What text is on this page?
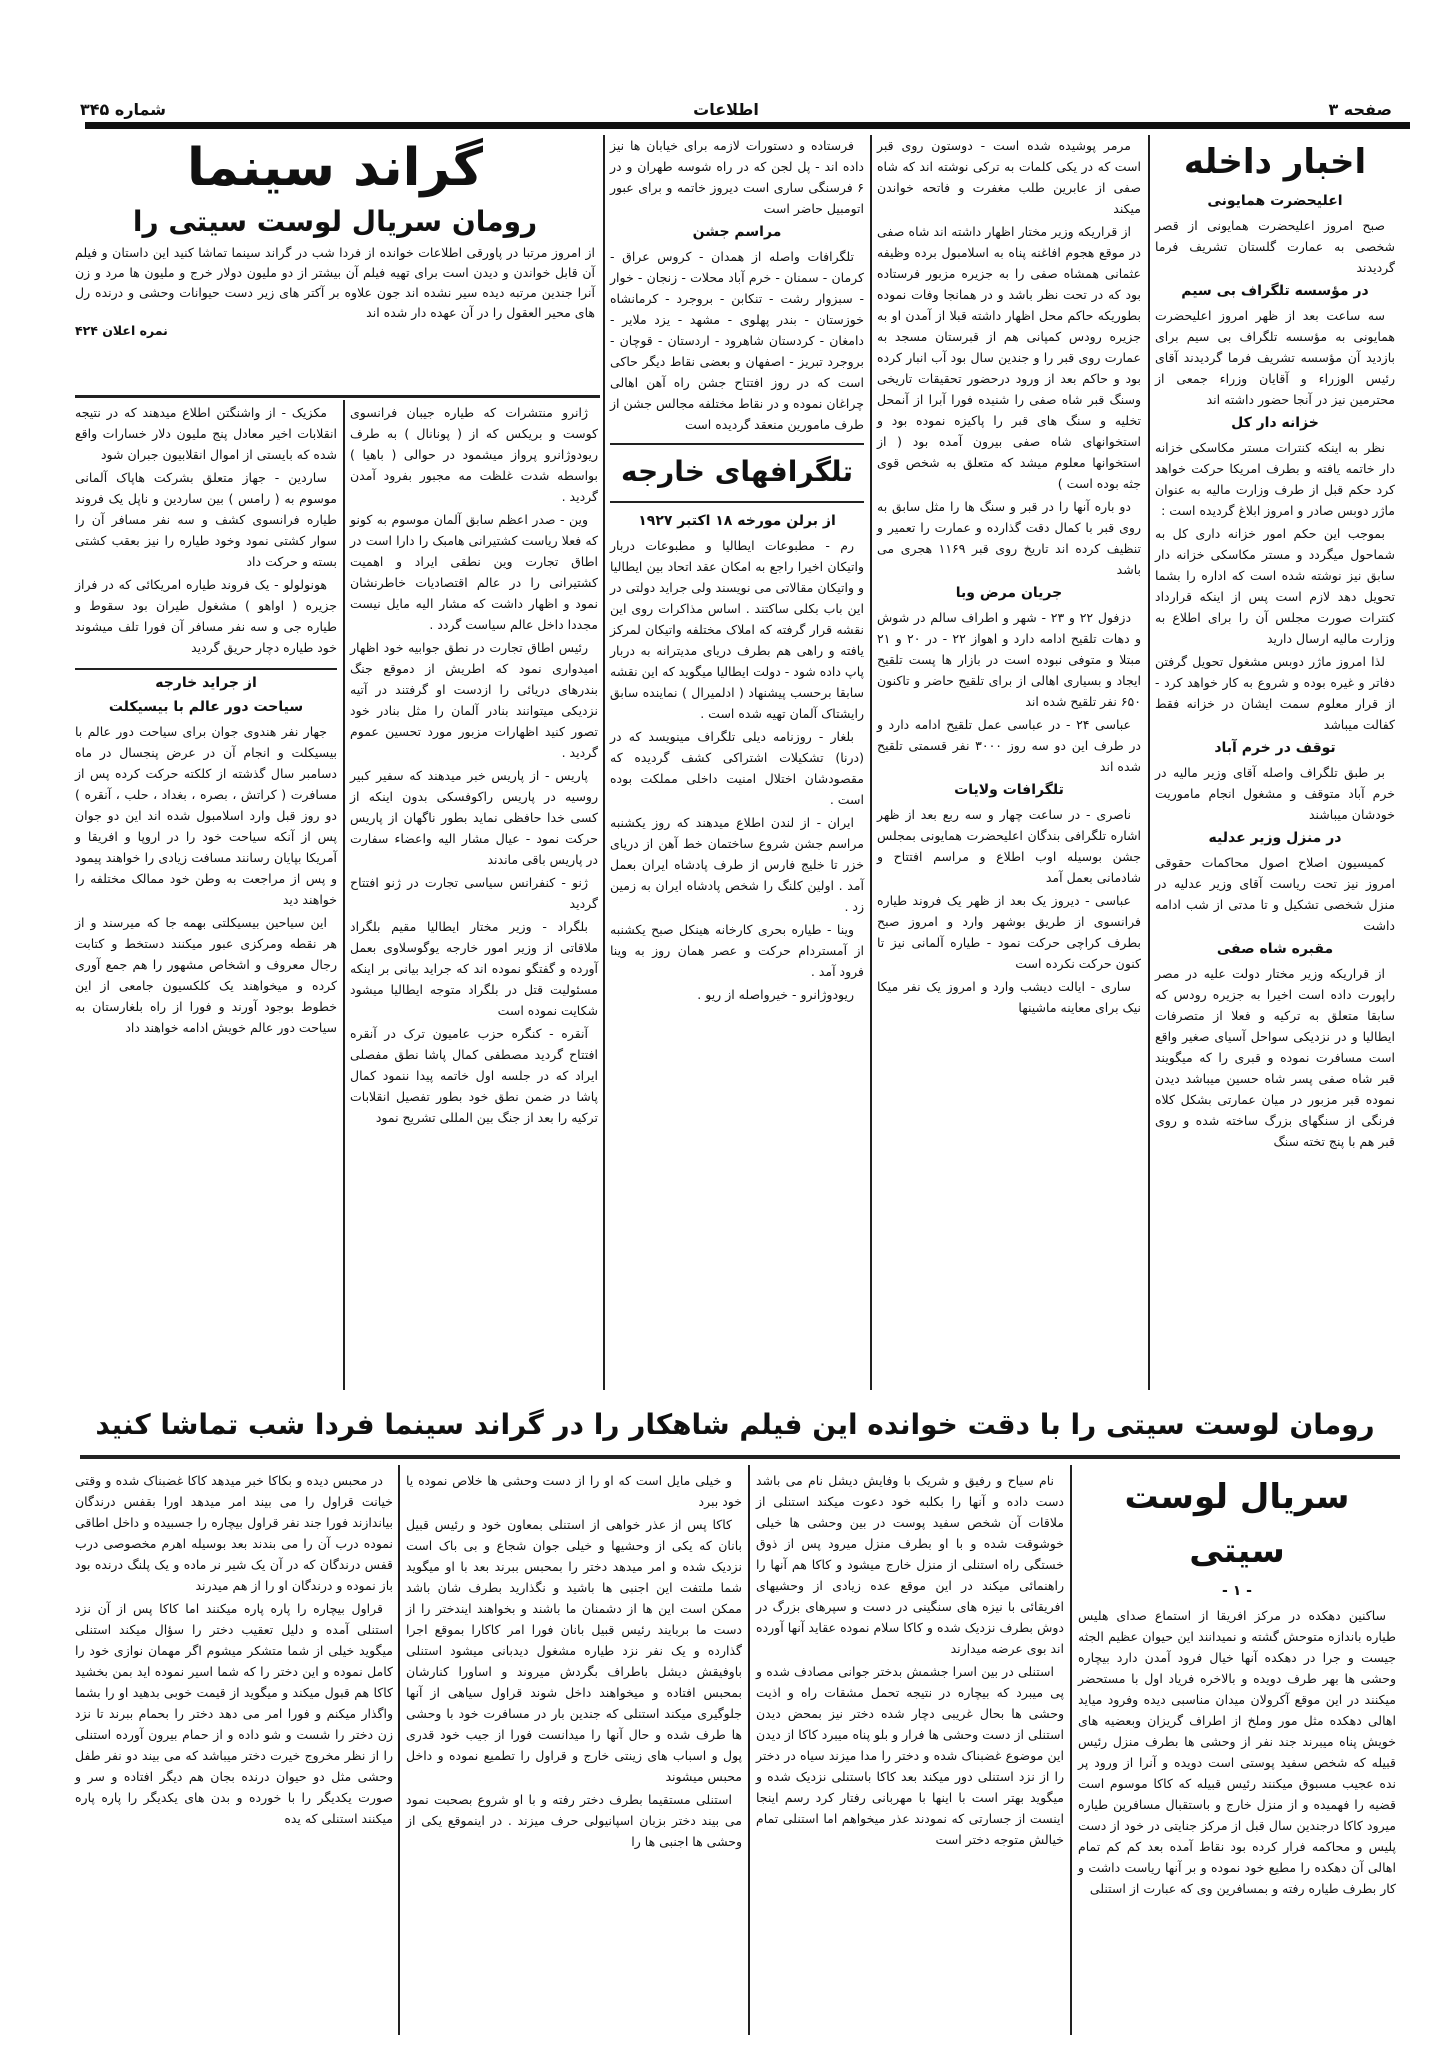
صفحه ۳
اطلاعات
شماره ۳۴۵
اخبار داخله
اعلیحضرت همایونی

صبح امروز اعلیحضرت همایونی از قصر شخصی به عمارت گلستان تشریف فرما گردیدند

در مؤسسه تلگراف بی سیم

سه ساعت بعد از ظهر امروز اعلیحضرت همایونی به مؤسسه تلگراف بی سیم برای بازدید آن مؤسسه تشریف فرما گردیدند آقای رئیس الوزراء و آقایان وزراء جمعی از محترمین نیز در آنجا حضور داشته اند

خزانه دار کل

نظر به اینکه کنترات مستر مکاسکی خزانه دار خاتمه یافته و بطرف امریکا حرکت خواهد کرد حکم قبل از طرف وزارت مالیه به عنوان ماژر دوبس صادر و امروز ابلاغ گردیده است :

بموجب این حکم امور خزانه داری کل به شماحول میگردد و مستر مکاسکی خزانه دار سابق نیز نوشته شده است که اداره را بشما تحویل دهد لازم است پس از اینکه قرارداد کنترات صورت مجلس آن را برای اطلاع به وزارت مالیه ارسال دارید

لذا امروز ماژر دوبس مشغول تحویل گرفتن دفاتر و غیره بوده و شروع به کار خواهد کرد - از قرار معلوم سمت ایشان در خزانه فقط کفالت میباشد

توقف در خرم آباد

بر طبق تلگراف واصله آقای وزیر مالیه در خرم آباد متوقف و مشغول انجام ماموریت خودشان میباشند

در منزل وزیر عدلیه

کمیسیون اصلاح اصول محاکمات حقوقی امروز نیز تحت ریاست آقای وزیر عدلیه در منزل شخصی تشکیل و تا مدتی از شب ادامه داشت

مقبره شاه صفی

از قراریکه وزیر مختار دولت علیه در مصر راپورت داده است اخیرا به جزیره رودس که سابقا متعلق به ترکیه و فعلا از متصرفات ایطالیا و در نزدیکی سواحل آسیای صغیر واقع است مسافرت نموده و قبری را که میگویند قبر شاه صفی پسر شاه حسین میباشد دیدن نموده قبر مزبور در میان عمارتی بشکل کلاه فرنگی از سنگهای بزرگ ساخته شده و روی قبر هم با پنج تخته سنگ

مرمر پوشیده شده است - دوستون روی قبر است که در یکی کلمات به ترکی نوشته اند که شاه صفی از عابرین طلب مغفرت و فاتحه خواندن میکند

از قراریکه وزیر مختار اظهار داشته اند شاه صفی در موقع هجوم افاغنه پناه به اسلامبول برده وظیفه عثمانی همشاه صفی را به جزیره مزبور فرستاده بود که در تحت نظر باشد و در همانجا وفات نموده بطوریکه حاکم محل اظهار داشته قبلا از آمدن او به جزیره رودس کمپانی هم از قبرستان مسجد به عمارت روی قبر را و جندین سال بود آب انبار کرده بود و حاکم بعد از ورود درحضور تحقیقات تاریخی وسنگ قبر شاه صفی را شنیده فورا آبرا از آنمحل تخلیه و سنگ های قبر را پاکیزه نموده بود و استخوانهای شاه صفی بیرون آمده بود ( از استخوانها معلوم میشد که متعلق به شخص قوی جثه بوده است )

دو باره آنها را در قبر و سنگ ها را مثل سابق به روی قبر با کمال دقت گذارده و عمارت را تعمیر و تنظیف کرده اند تاریخ روی قبر ۱۱۶۹ هجری می باشد

جریان مرض وبا

دزفول ۲۲ و ۲۳ - شهر و اطراف سالم در شوش و دهات تلقیح ادامه دارد و اهواز ۲۲ - در ۲۰ و ۲۱ مبتلا و متوفی نبوده است در بازار ها پست تلقیح ایجاد و بسیاری اهالی از برای تلقیح حاضر و تاکنون ۶۵۰ نفر تلقیح شده اند

عباسی ۲۴ - در عباسی عمل تلقیح ادامه دارد و در طرف این دو سه روز ۳۰۰۰ نفر قسمتی تلقیح شده اند

تلگرافات ولایات

ناصری - در ساعت چهار و سه ربع بعد از ظهر اشاره تلگرافی بندگان اعلیحضرت همایونی بمجلس جشن بوسیله اوب اطلاع و مراسم افتتاح و شادمانی بعمل آمد

عباسی - دیروز یک بعد از ظهر یک فروند طیاره فرانسوی از طریق بوشهر وارد و امروز صبح بطرف کراچی حرکت نمود - طیاره آلمانی نیز تا کنون حرکت نکرده است

ساری - ایالت دیشب وارد و امروز یک نفر میکا نیک برای معاینه ماشینها

فرستاده و دستورات لازمه برای خیابان ها نیز داده اند - پل لجن که در راه شوسه طهران و در ۶ فرسنگی ساری است دیروز خاتمه و برای عبور اتومبیل حاضر است

مراسم جشن

تلگرافات واصله از همدان - کروس عراق - کرمان - سمنان - خرم آباد محلات - زنجان - خوار - سبزوار رشت - تنکابن - بروجرد - کرمانشاه خوزستان - بندر پهلوی - مشهد - یزد ملایر - دامغان - کردستان شاهرود - اردستان - قوچان - بروجرد تبریز - اصفهان و بعضی نقاط دیگر حاکی است که در روز افتتاح جشن راه آهن اهالی چراغان نموده و در نقاط مختلفه مجالس جشن از طرف مامورین منعقد گردیده است

تلگرافهای خارجه
از برلن مورخه ۱۸ اکتبر ۱۹۲۷

رم - مطبوعات ایطالیا و مطبوعات دربار واتیکان اخیرا راجع به امکان عقد اتحاد بین ایطالیا و واتیکان مقالاتی می نویسند ولی جراید دولتی در این باب بکلی ساکتند . اساس مذاکرات روی این نقشه قرار گرفته که املاک مختلفه واتیکان لمرکز یافته و راهی هم بطرف دریای مدیترانه به دربار پاپ داده شود - دولت ایطالیا میگوید که این نقشه سابقا برحسب پیشنهاد ( ادلمیرال ) نماینده سابق رایشتاک آلمان تهیه شده است .

بلغار - روزنامه دیلی تلگراف مینویسد که در (درنا) تشکیلات اشتراکی کشف گردیده که مقصودشان اختلال امنیت داخلی مملکت بوده است .

ایران - از لندن اطلاع میدهند که روز یکشنبه مراسم جشن شروع ساختمان خط آهن از دریای خزر تا خلیج فارس از طرف پادشاه ایران بعمل آمد . اولین کلنگ را شخص پادشاه ایران به زمین زد .

وینا - طیاره بحری کارخانه هینکل صبح یکشنبه از آمستردام حرکت و عصر همان روز به وینا فرود آمد .

ریودوژانرو - خیرواصله از ریو .

گراند سینما
رومان سریال لوست سیتی را
از امروز مرتبا در پاورقی اطلاعات خوانده از فردا شب در گراند سینما تماشا کنید این داستان و فیلم آن قابل خواندن و دیدن است برای تهیه فیلم آن بیشتر از دو ملیون دولار خرج و ملیون ها مرد و زن آنرا جندین مرتبه دیده سیر نشده اند جون علاوه بر آکتر های زیر دست حیوانات وحشی و درنده رل های محیر العقول را در آن عهده دار شده اند
نمره اعلان ۴۲۴

ژانرو منتشرات که طیاره جیبان فرانسوی کوست و بریکس که از ( پونانال ) به طرف ریودوژانرو پرواز میشمود در حوالی ( باهیا ) بواسطه شدت غلظت مه مجبور بفرود آمدن گردید .

وین - صدر اعظم سابق آلمان موسوم به کونو که فعلا ریاست کشتیرانی هامبک را دارا است در اطاق تجارت وین نطقی ایراد و اهمیت کشتیرانی را در عالم اقتصادیات خاطرنشان نمود و اظهار داشت که مشار الیه مایل نیست مجددا داخل عالم سیاست گردد .

رئیس اطاق تجارت در نطق جوابیه خود اظهار امیدواری نمود که اطریش از دموقع جنگ بندرهای دریائی را ازدست او گرفتند در آتیه نزدیکی میتوانند بنادر آلمان را مثل بنادر خود تصور کنید اظهارات مزبور مورد تحسین عموم گردید .

پاریس - از پاریس خبر میدهند که سفیر کبیر روسیه در پاریس راکوفسکی بدون اینکه از کسی خدا حافظی نماید بطور ناگهان از پاریس حرکت نمود - عیال مشار الیه واعضاء سفارت در پاریس باقی ماندند

ژنو - کنفرانس سیاسی تجارت در ژنو افتتاح گردید

بلگراد - وزیر مختار ایطالیا مقیم بلگراد ملاقاتی از وزیر امور خارجه یوگوسلاوی بعمل آورده و گفتگو نموده اند که جراید بیانی بر اینکه مسئولیت قتل در بلگراد متوجه ایطالیا میشود شکایت نموده است

آنقره - کنگره حزب عامیون ترک در آنقره افتتاح گردید مصطفی کمال پاشا نطق مفصلی ایراد که در جلسه اول خاتمه پیدا ننمود کمال پاشا در ضمن نطق خود بطور تفصیل انقلابات ترکیه را بعد از جنگ بین المللی تشریح نمود

مکزیک - از واشنگتن اطلاع میدهند که در نتیجه انقلابات اخیر معادل پنج ملیون دلار خسارات واقع شده که بایستی از اموال انقلابیون جبران شود

ساردین - جهاز متعلق بشرکت هاپاک آلمانی موسوم به ( رامس ) بین ساردین و ناپل یک فروند طیاره فرانسوی کشف و سه نفر مسافر آن را سوار کشتی نمود وخود طیاره را نیز بعقب کشتی بسته و حرکت داد

هونولولو - یک فروند طیاره امریکائی که در فراز جزیره ( اواهو ) مشغول طیران بود سقوط و طیاره جی و سه نفر مسافر آن فورا تلف میشوند خود طیاره دچار حریق گردید

از جراید خارجه
سیاحت دور عالم با بیسیکلت

جهار نفر هندوی جوان برای سیاحت دور عالم با بیسیکلت و انجام آن در عرض پنجسال در ماه دسامبر سال گذشته از کلکته حرکت کرده پس از مسافرت ( کراتش ، بصره ، بغداد ، حلب ، آنقره ) دو روز قبل وارد اسلامبول شده اند این دو جوان پس از آنکه سیاحت خود را در اروپا و افریقا و آمریکا بپایان رسانند مسافت زیادی را خواهند پیمود و پس از مراجعت به وطن خود ممالک مختلفه را خواهند دید

این سیاحین بیسیکلتی بهمه جا که میرسند و از هر نقطه ومرکزی عبور میکنند دستخط و کتابت رجال معروف و اشخاص مشهور را هم جمع آوری کرده و میخواهند یک کلکسیون جامعی از این خطوط بوجود آورند و فورا از راه بلغارستان به سیاحت دور عالم خویش ادامه خواهند داد

رومان لوست سیتی را با دقت خوانده این فیلم شاهکار را در گراند سینما فردا شب تماشا کنید
سریال لوست سیتی
- ۱ -

ساکنین دهکده در مرکز افریقا از استماع صدای هلیس طیاره باندازه متوحش گشته و نمیدانند این حیوان عظیم الجثه جیست و جرا در دهکده آنها خیال فرود آمدن دارد بیچاره وحشی ها بهر طرف دویده و بالاخره فریاد اول با مستحضر میکنند در این موقع آکرولان میدان مناسبی دیده وفرود میاید اهالی دهکده مثل مور وملخ از اطراف گریزان وبعضیه های خویش پناه میبرند جند نفر از وحشی ها بطرف منزل رئیس قبیله که شخص سفید پوستی است دویده و آنرا از ورود پر نده عجیب مسبوق میکنند رئیس قبیله که کاکا موسوم است قضیه را فهمیده و از منزل خارج و باستقبال مسافرین طیاره میرود کاکا درجندین سال قبل از مرکز جنایتی در خود از دست پلیس و محاکمه فرار کرده بود نقاط آمده بعد کم کم تمام اهالی آن دهکده را مطیع خود نموده و بر آنها ریاست داشت و کار بطرف طیاره رفته و بمسافرین وی که عبارت از استنلی

نام سیاح و رفیق و شریک با وفایش دیشل نام می باشد دست داده و آنها را بکلبه خود دعوت میکند استنلی از ملاقات آن شخص سفید پوست در بین وحشی ها خیلی خوشوقت شده و با او بطرف منزل میرود پس از ذوق خستگی راه استنلی از منزل خارج میشود و کاکا هم آنها را راهنمائی میکند در این موقع عده زیادی از وحشیهای افریقائی با نیزه های سنگینی در دست و سپرهای بزرگ در دوش بطرف نزدیک شده و کاکا سلام نموده عقاید آنها آورده اند بوی عرضه میدارند

استنلی در بین اسرا جشمش بدختر جوانی مصادف شده و پی میبرد که بیچاره در نتیجه تحمل مشقات راه و اذیت وحشی ها بحال غریبی دچار شده دختر نیز بمحض دیدن استنلی از دست وحشی ها فرار و بلو پناه میبرد کاکا از دیدن این موضوع غضبناک شده و دختر را مدا میزند سیاه در دختر را از نزد استنلی دور میکند بعد کاکا باستنلی نزدیک شده و میگوید بهتر است با اینها با مهربانی رفتار کرد رسم اینجا اینست از جسارتی که نمودند عذر میخواهم اما استنلی تمام خیالش متوجه دختر است

و خیلی مایل است که او را از دست وحشی ها خلاص نموده یا خود ببرد

کاکا پس از عذر خواهی از استنلی بمعاون خود و رئیس قبیل بانان که یکی از وحشیها و خیلی جوان شجاع و بی باک است نزدیک شده و امر میدهد دختر را بمحبس ببرند بعد با او میگوید شما ملتفت این اجنبی ها باشید و نگذارید بطرف شان باشد ممکن است این ها از دشمنان ما باشند و بخواهند ایندختر را از دست ما بربایند رئیس قبیل بانان فورا امر کاکارا بموقع اجرا گذارده و یک نفر نزد طیاره مشغول دیدبانی میشود استنلی باوفیقش دیشل باطراف بگردش میروند و اساورا کنارشان بمحبس افتاده و میخواهند داخل شوند قراول سیاهی از آنها جلوگیری میکند استنلی که جندین بار در مسافرت خود با وحشی ها طرف شده و حال آنها را میدانست فورا از جیب خود قدری پول و اسباب های زینتی خارج و قراول را تطمیع نموده و داخل محبس میشوند

استنلی مستقیما بطرف دختر رفته و با او شروع بصحبت نمود می بیند دختر بزبان اسپانیولی حرف میزند . در اینموقع یکی از وحشی ها اجنبی ها را

در محبس دیده و بکاکا خبر میدهد کاکا غضبناک شده و وقتی خیانت قراول را می بیند امر میدهد اورا بقفس درندگان بیاندازند فورا جند نفر قراول بیچاره را جسبیده و داخل اطاقی نموده درب آن را می بندند بعد بوسیله اهرم مخصوصی درب قفس درندگان که در آن یک شیر نر ماده و یک پلنگ درنده بود باز نموده و درندگان او را از هم میدرند

قراول بیچاره را پاره پاره میکنند اما کاکا پس از آن نزد استنلی آمده و دلیل تعقیب دختر را سؤال میکند استنلی میگوید خیلی از شما متشکر میشوم اگر مهمان نوازی خود را کامل نموده و این دختر را که شما اسیر نموده اید بمن بخشید کاکا هم قبول میکند و میگوید از قیمت خوبی بدهید او را بشما واگذار میکنم و فورا امر می دهد دختر را بحمام ببرند تا نزد زن دختر را شست و شو داده و از حمام بیرون آورده استنلی را از نظر مخروج خیرت دختر میباشد که می بیند دو نفر طفل وحشی مثل دو حیوان درنده بجان هم دیگر افتاده و سر و صورت یکدیگر را با خورده و بدن های یکدیگر را پاره پاره میکنند استنلی که یده
